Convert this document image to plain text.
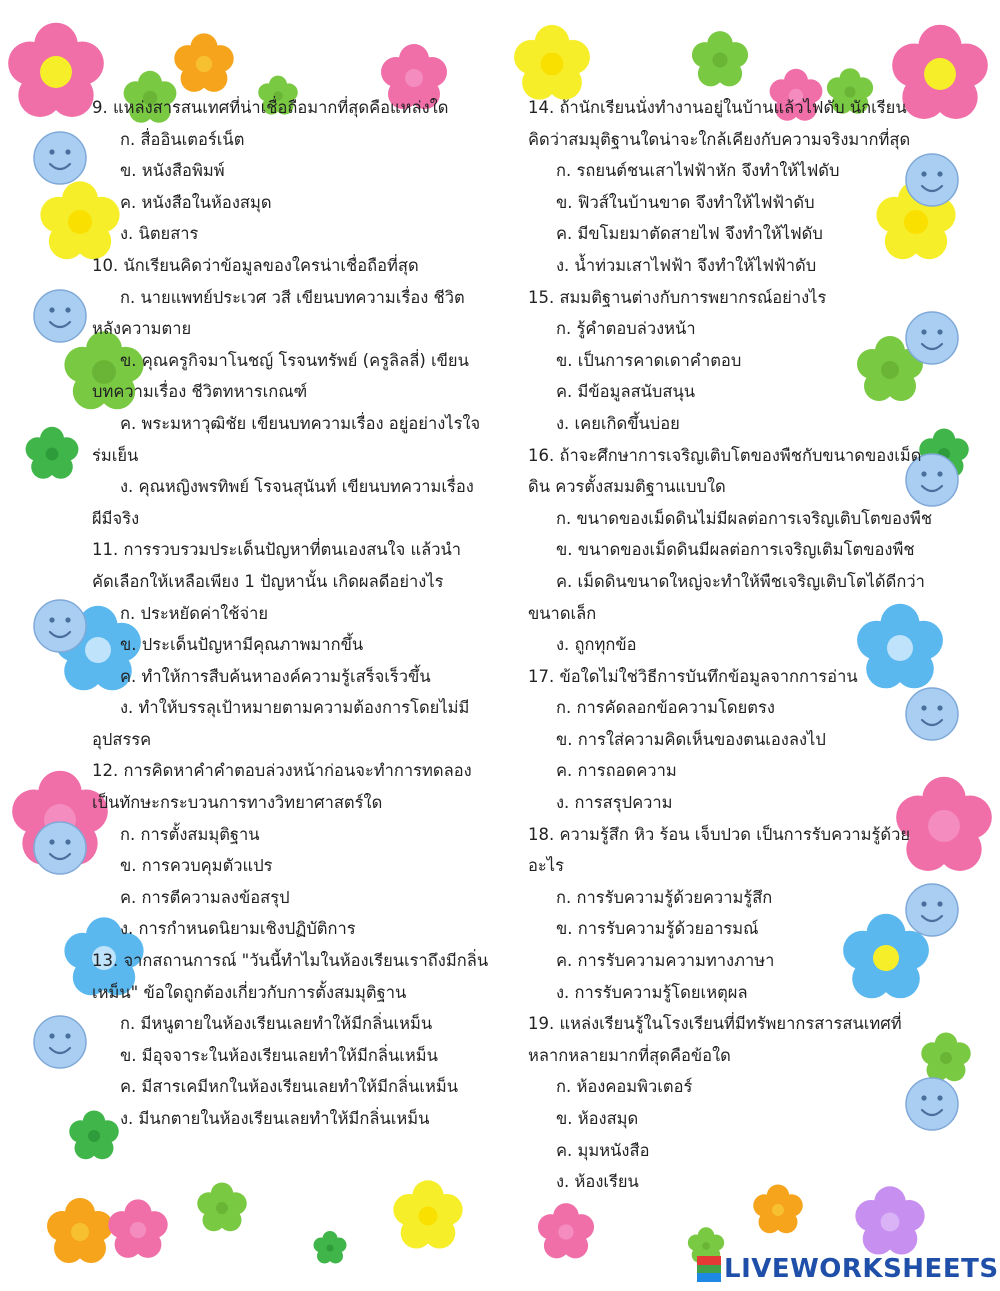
9. แหล่งสารสนเทศที่น่าเชื่อถือมากที่สุดคือแหล่งใด
ก. สื่ออินเตอร์เน็ต
ข. หนังสือพิมพ์
ค. หนังสือในห้องสมุด
ง. นิตยสาร
10. นักเรียนคิดว่าข้อมูลของใครน่าเชื่อถือที่สุด
ก. นายแพทย์ประเวศ วสี เขียนบทความเรื่อง ชีวิต
หลังความตาย
ข. คุณครูกิจมาโนชญ์ โรจนทรัพย์ (ครูลิลลี่) เขียน
บทความเรื่อง ชีวิตทหารเกณฑ์
ค. พระมหาวุฒิชัย เขียนบทความเรื่อง อยู่อย่างไรใจ
ร่มเย็น
ง. คุณหญิงพรทิพย์ โรจนสุนันท์ เขียนบทความเรื่อง
ผีมีจริง
11. การรวบรวมประเด็นปัญหาที่ตนเองสนใจ แล้วนำ
คัดเลือกให้เหลือเพียง 1 ปัญหานั้น เกิดผลดีอย่างไร
ก. ประหยัดค่าใช้จ่าย
ข. ประเด็นปัญหามีคุณภาพมากขึ้น
ค. ทำให้การสืบค้นหาองค์ความรู้เสร็จเร็วขึ้น
ง. ทำให้บรรลุเป้าหมายตามความต้องการโดยไม่มี
อุปสรรค
12. การคิดหาคำคำตอบล่วงหน้าก่อนจะทำการทดลอง
เป็นทักษะกระบวนการทางวิทยาศาสตร์ใด
ก. การตั้งสมมุติฐาน
ข. การควบคุมตัวแปร
ค. การตีความลงข้อสรุป
ง. การกำหนดนิยามเชิงปฏิบัติการ
13. จากสถานการณ์ "วันนี้ทำไมในห้องเรียนเราถึงมีกลิ่น
เหม็น" ข้อใดถูกต้องเกี่ยวกับการตั้งสมมุติฐาน
ก. มีหนูตายในห้องเรียนเลยทำให้มีกลิ่นเหม็น
ข. มีอุจจาระในห้องเรียนเลยทำให้มีกลิ่นเหม็น
ค. มีสารเคมีหกในห้องเรียนเลยทำให้มีกลิ่นเหม็น
ง. มีนกตายในห้องเรียนเลยทำให้มีกลิ่นเหม็น
14. ถ้านักเรียนนั่งทำงานอยู่ในบ้านแล้วไฟดับ นักเรียน
คิดว่าสมมุติฐานใดน่าจะใกล้เคียงกับความจริงมากที่สุด
ก. รถยนต์ชนเสาไฟฟ้าหัก จึงทำให้ไฟดับ
ข. ฟิวส์ในบ้านขาด จึงทำให้ไฟฟ้าดับ
ค. มีขโมยมาตัดสายไฟ จึงทำให้ไฟดับ
ง. น้ำท่วมเสาไฟฟ้า จึงทำให้ไฟฟ้าดับ
15. สมมติฐานต่างกับการพยากรณ์อย่างไร
ก. รู้คำตอบล่วงหน้า
ข. เป็นการคาดเดาคำตอบ
ค. มีข้อมูลสนับสนุน
ง. เคยเกิดขึ้นบ่อย
16. ถ้าจะศึกษาการเจริญเติบโตของพืชกับขนาดของเม็ด
ดิน ควรตั้งสมมติฐานแบบใด
ก. ขนาดของเม็ดดินไม่มีผลต่อการเจริญเติบโตของพืช
ข. ขนาดของเม็ดดินมีผลต่อการเจริญเติมโตของพืช
ค. เม็ดดินขนาดใหญ่จะทำให้พืชเจริญเติบโตได้ดีกว่า
ขนาดเล็ก
ง. ถูกทุกข้อ
17. ข้อใดไม่ใช่วิธีการบันทึกข้อมูลจากการอ่าน
ก. การคัดลอกข้อความโดยตรง
ข. การใส่ความคิดเห็นของตนเองลงไป
ค. การถอดความ
ง. การสรุปความ
18. ความรู้สึก หิว ร้อน เจ็บปวด เป็นการรับความรู้ด้วย
อะไร
ก. การรับความรู้ด้วยความรู้สึก
ข. การรับความรู้ด้วยอารมณ์
ค. การรับความความทางภาษา
ง. การรับความรู้โดยเหตุผล
19. แหล่งเรียนรู้ในโรงเรียนที่มีทรัพยากรสารสนเทศที่
หลากหลายมากที่สุดคือข้อใด
ก. ห้องคอมพิวเตอร์
ข. ห้องสมุด
ค. มุมหนังสือ
ง. ห้องเรียน
LIVEWORKSHEETS
